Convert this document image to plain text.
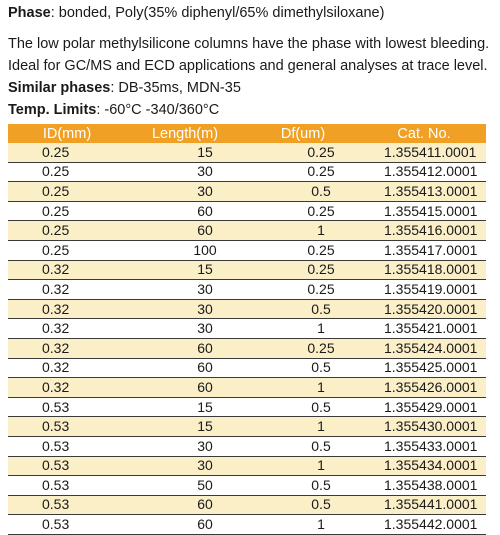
Phase: bonded, Poly(35% diphenyl/65% dimethylsiloxane)
The low polar methylsilicone columns have the phase with lowest bleeding.
Ideal for GC/MS and ECD applications and general analyses at trace level.
Similar phases: DB-35ms, MDN-35
Temp. Limits: -60°C -340/360°C
ID(mm)	Length(m)	Df(um)	Cat. No.
0.25	15	0.25	1.355411.0001
0.25	30	0.25	1.355412.0001
0.25	30	0.5	1.355413.0001
0.25	60	0.25	1.355415.0001
0.25	60	1	1.355416.0001
0.25	100	0.25	1.355417.0001
0.32	15	0.25	1.355418.0001
0.32	30	0.25	1.355419.0001
0.32	30	0.5	1.355420.0001
0.32	30	1	1.355421.0001
0.32	60	0.25	1.355424.0001
0.32	60	0.5	1.355425.0001
0.32	60	1	1.355426.0001
0.53	15	0.5	1.355429.0001
0.53	15	1	1.355430.0001
0.53	30	0.5	1.355433.0001
0.53	30	1	1.355434.0001
0.53	50	0.5	1.355438.0001
0.53	60	0.5	1.355441.0001
0.53	60	1	1.355442.0001
